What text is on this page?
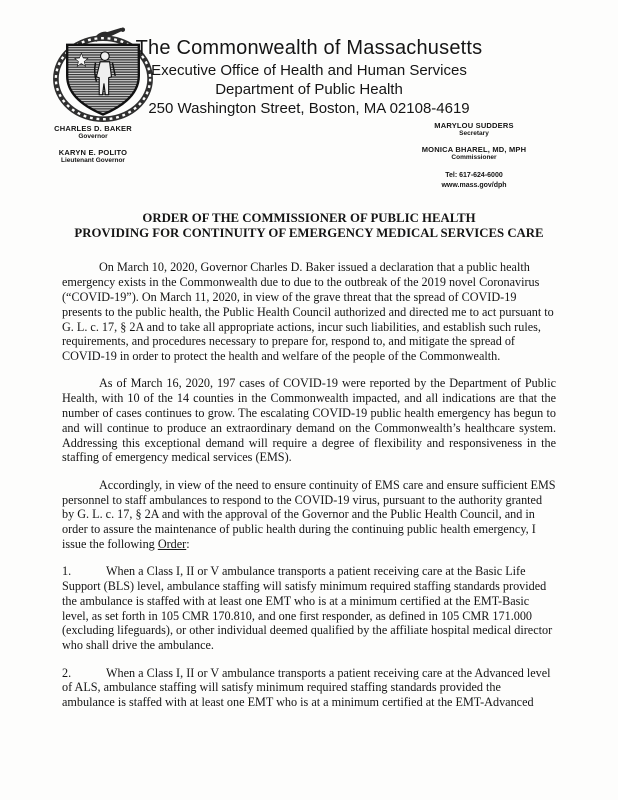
The Commonwealth of Massachusetts
Executive Office of Health and Human Services
Department of Public Health
250 Washington Street, Boston, MA 02108-4619
CHARLES D. BAKER
Governor
KARYN E. POLITO
Lieutenant Governor
MARYLOU SUDDERS
Secretary
MONICA BHAREL, MD, MPH
Commissioner
Tel: 617-624-6000
www.mass.gov/dph
ORDER OF THE COMMISSIONER OF PUBLIC HEALTH
PROVIDING FOR CONTINUITY OF EMERGENCY MEDICAL SERVICES CARE

On March 10, 2020, Governor Charles D. Baker issued a declaration that a public health emergency exists in the Commonwealth due to due to the outbreak of the 2019 novel Coronavirus (“COVID-19”). On March 11, 2020, in view of the grave threat that the spread of COVID-19 presents to the public health, the Public Health Council authorized and directed me to act pursuant to G. L. c. 17, § 2A and to take all appropriate actions, incur such liabilities, and establish such rules, requirements, and procedures necessary to prepare for, respond to, and mitigate the spread of COVID-19 in order to protect the health and welfare of the people of the Commonwealth.

As of March 16, 2020, 197 cases of COVID-19 were reported by the Department of Public Health, with 10 of the 14 counties in the Commonwealth impacted, and all indications are that the number of cases continues to grow. The escalating COVID-19 public health emergency has begun to and will continue to produce an extraordinary demand on the Commonwealth’s healthcare system. Addressing this exceptional demand will require a degree of flexibility and responsiveness in the staffing of emergency medical services (EMS).

Accordingly, in view of the need to ensure continuity of EMS care and ensure sufficient EMS personnel to staff ambulances to respond to the COVID-19 virus, pursuant to the authority granted by G. L. c. 17, § 2A and with the approval of the Governor and the Public Health Council, and in order to assure the maintenance of public health during the continuing public health emergency, I issue the following Order:

1.	When a Class I, II or V ambulance transports a patient receiving care at the Basic Life Support (BLS) level, ambulance staffing will satisfy minimum required staffing standards provided the ambulance is staffed with at least one EMT who is at a minimum certified at the EMT-Basic level, as set forth in 105 CMR 170.810, and one first responder, as defined in 105 CMR 171.000 (excluding lifeguards), or other individual deemed qualified by the affiliate hospital medical director who shall drive the ambulance.

2.	When a Class I, II or V ambulance transports a patient receiving care at the Advanced level of ALS, ambulance staffing will satisfy minimum required staffing standards provided the ambulance is staffed with at least one EMT who is at a minimum certified at the EMT-Advanced
